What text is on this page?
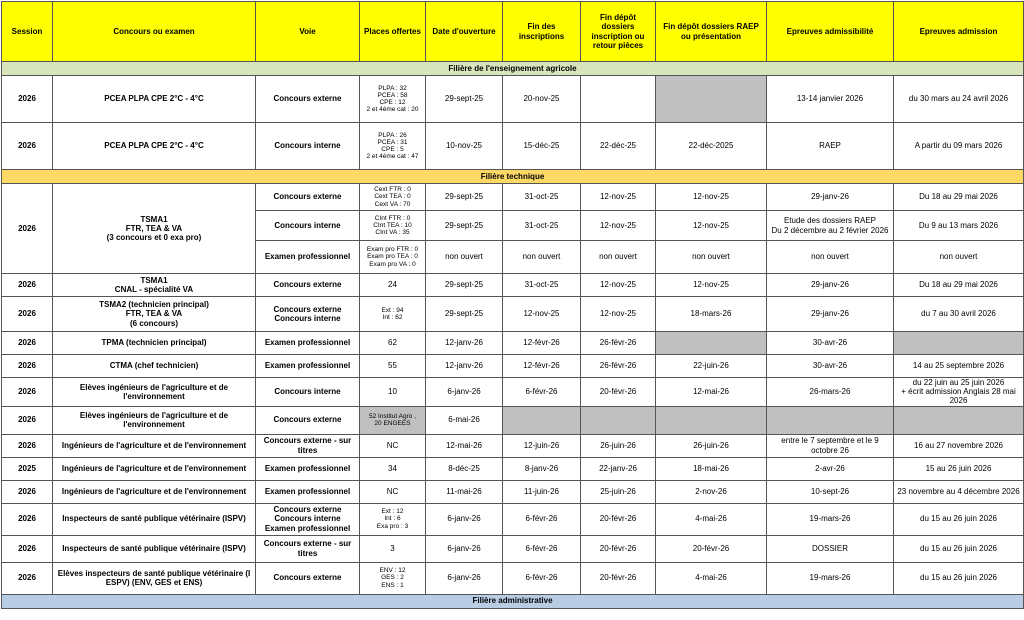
Session	Concours ou examen	Voie	Places offertes	Date d'ouverture	Fin des inscriptions	Fin dépôt dossiers inscription ou retour pièces	Fin dépôt dossiers RAEP ou présentation	Epreuves admissibilité	Epreuves admission
Filière de l'enseignement agricole									
2026	PCEA PLPA CPE 2°C - 4°C	Concours externe	PLPA : 32
PCEA : 58
CPE : 12
2 et 4ème cat : 20	29-sept-25	20-nov-25			13-14 janvier 2026	du 30 mars au 24 avril 2026
2026	PCEA PLPA CPE 2°C - 4°C	Concours interne	PLPA : 26
PCEA : 31
CPE : 5
2 et 4ème cat : 47	10-nov-25	15-déc-25	22-déc-25	22-déc-2025	RAEP	A partir du 09 mars 2026
Filière technique									
2026	TSMA1
FTR, TEA & VA
(3 concours et 0 exa pro)	Concours externe	Cext FTR : 0
Cext TEA : 0
Cext VA : 70	29-sept-25	31-oct-25	12-nov-25	12-nov-25	29-janv-26	Du 18 au 29 mai 2026
		Concours interne	CInt FTR : 0
CInt TEA : 10
CInt VA : 35	29-sept-25	31-oct-25	12-nov-25	12-nov-25	Etude des dossiers RAEP
Du 2 décembre au 2 février 2026	Du 9 au 13 mars 2026
		Examen professionnel	Exam pro FTR : 0
Exam pro TEA : 0
Exam pro VA : 0	non ouvert	non ouvert	non ouvert	non ouvert	non ouvert	non ouvert
2026	TSMA1
CNAL - spécialité VA	Concours externe	24	29-sept-25	31-oct-25	12-nov-25	12-nov-25	29-janv-26	Du 18 au 29 mai 2026
2026	TSMA2 (technicien principal)
FTR, TEA & VA
(6 concours)	Concours externe
Concours interne	Ext : 94
Int : 62	29-sept-25	12-nov-25	12-nov-25	18-mars-26	29-janv-26	du 7 au 30 avril 2026
2026	TPMA (technicien principal)	Examen professionnel	62	12-janv-26	12-févr-26	26-févr-26		30-avr-26	
2026	CTMA (chef technicien)	Examen professionnel	55	12-janv-26	12-févr-26	26-févr-26	22-juin-26	30-avr-26	14 au 25 septembre 2026
2026	Elèves ingénieurs de l'agriculture et de l'environnement	Concours interne	10	6-janv-26	6-févr-26	20-févr-26	12-mai-26	26-mars-26	du 22 juin au 25 juin 2026
+ écrit admission Anglais 28 mai 2026
2026	Elèves ingénieurs de l'agriculture et de l'environnement	Concours externe	52 Institut Agro ,
20 ENGEES	6-mai-26					
2026	Ingénieurs de l'agriculture et de l'environnement	Concours externe - sur titres	NC	12-mai-26	12-juin-26	26-juin-26	26-juin-26	entre le 7 septembre et le 9 octobre 26	16 au 27 novembre 2026
2025	Ingénieurs de l'agriculture et de l'environnement	Examen professionnel	34	8-déc-25	8-janv-26	22-janv-26	18-mai-26	2-avr-26	15 au 26 juin 2026
2026	Ingénieurs de l'agriculture et de l'environnement	Examen professionnel	NC	11-mai-26	11-juin-26	25-juin-26	2-nov-26	10-sept-26	23 novembre au 4 décembre 2026
2026	Inspecteurs de santé publique vétérinaire (ISPV)	Concours externe
Concours interne
Examen professionnel	Ext : 12
Int : 6
Exa pro : 3	6-janv-26	6-févr-26	20-févr-26	4-mai-26	19-mars-26	du 15 au 26 juin 2026
2026	Inspecteurs de santé publique vétérinaire (ISPV)	Concours externe - sur titres	3	6-janv-26	6-févr-26	20-févr-26	20-févr-26	DOSSIER	du 15 au 26 juin 2026
2026	Elèves inspecteurs de santé publique vétérinaire (I ESPV) (ENV, GES et ENS)	Concours externe	ENV : 12
GES : 2
ENS : 1	6-janv-26	6-févr-26	20-févr-26	4-mai-26	19-mars-26	du 15 au 26 juin 2026
Filière administrative									
